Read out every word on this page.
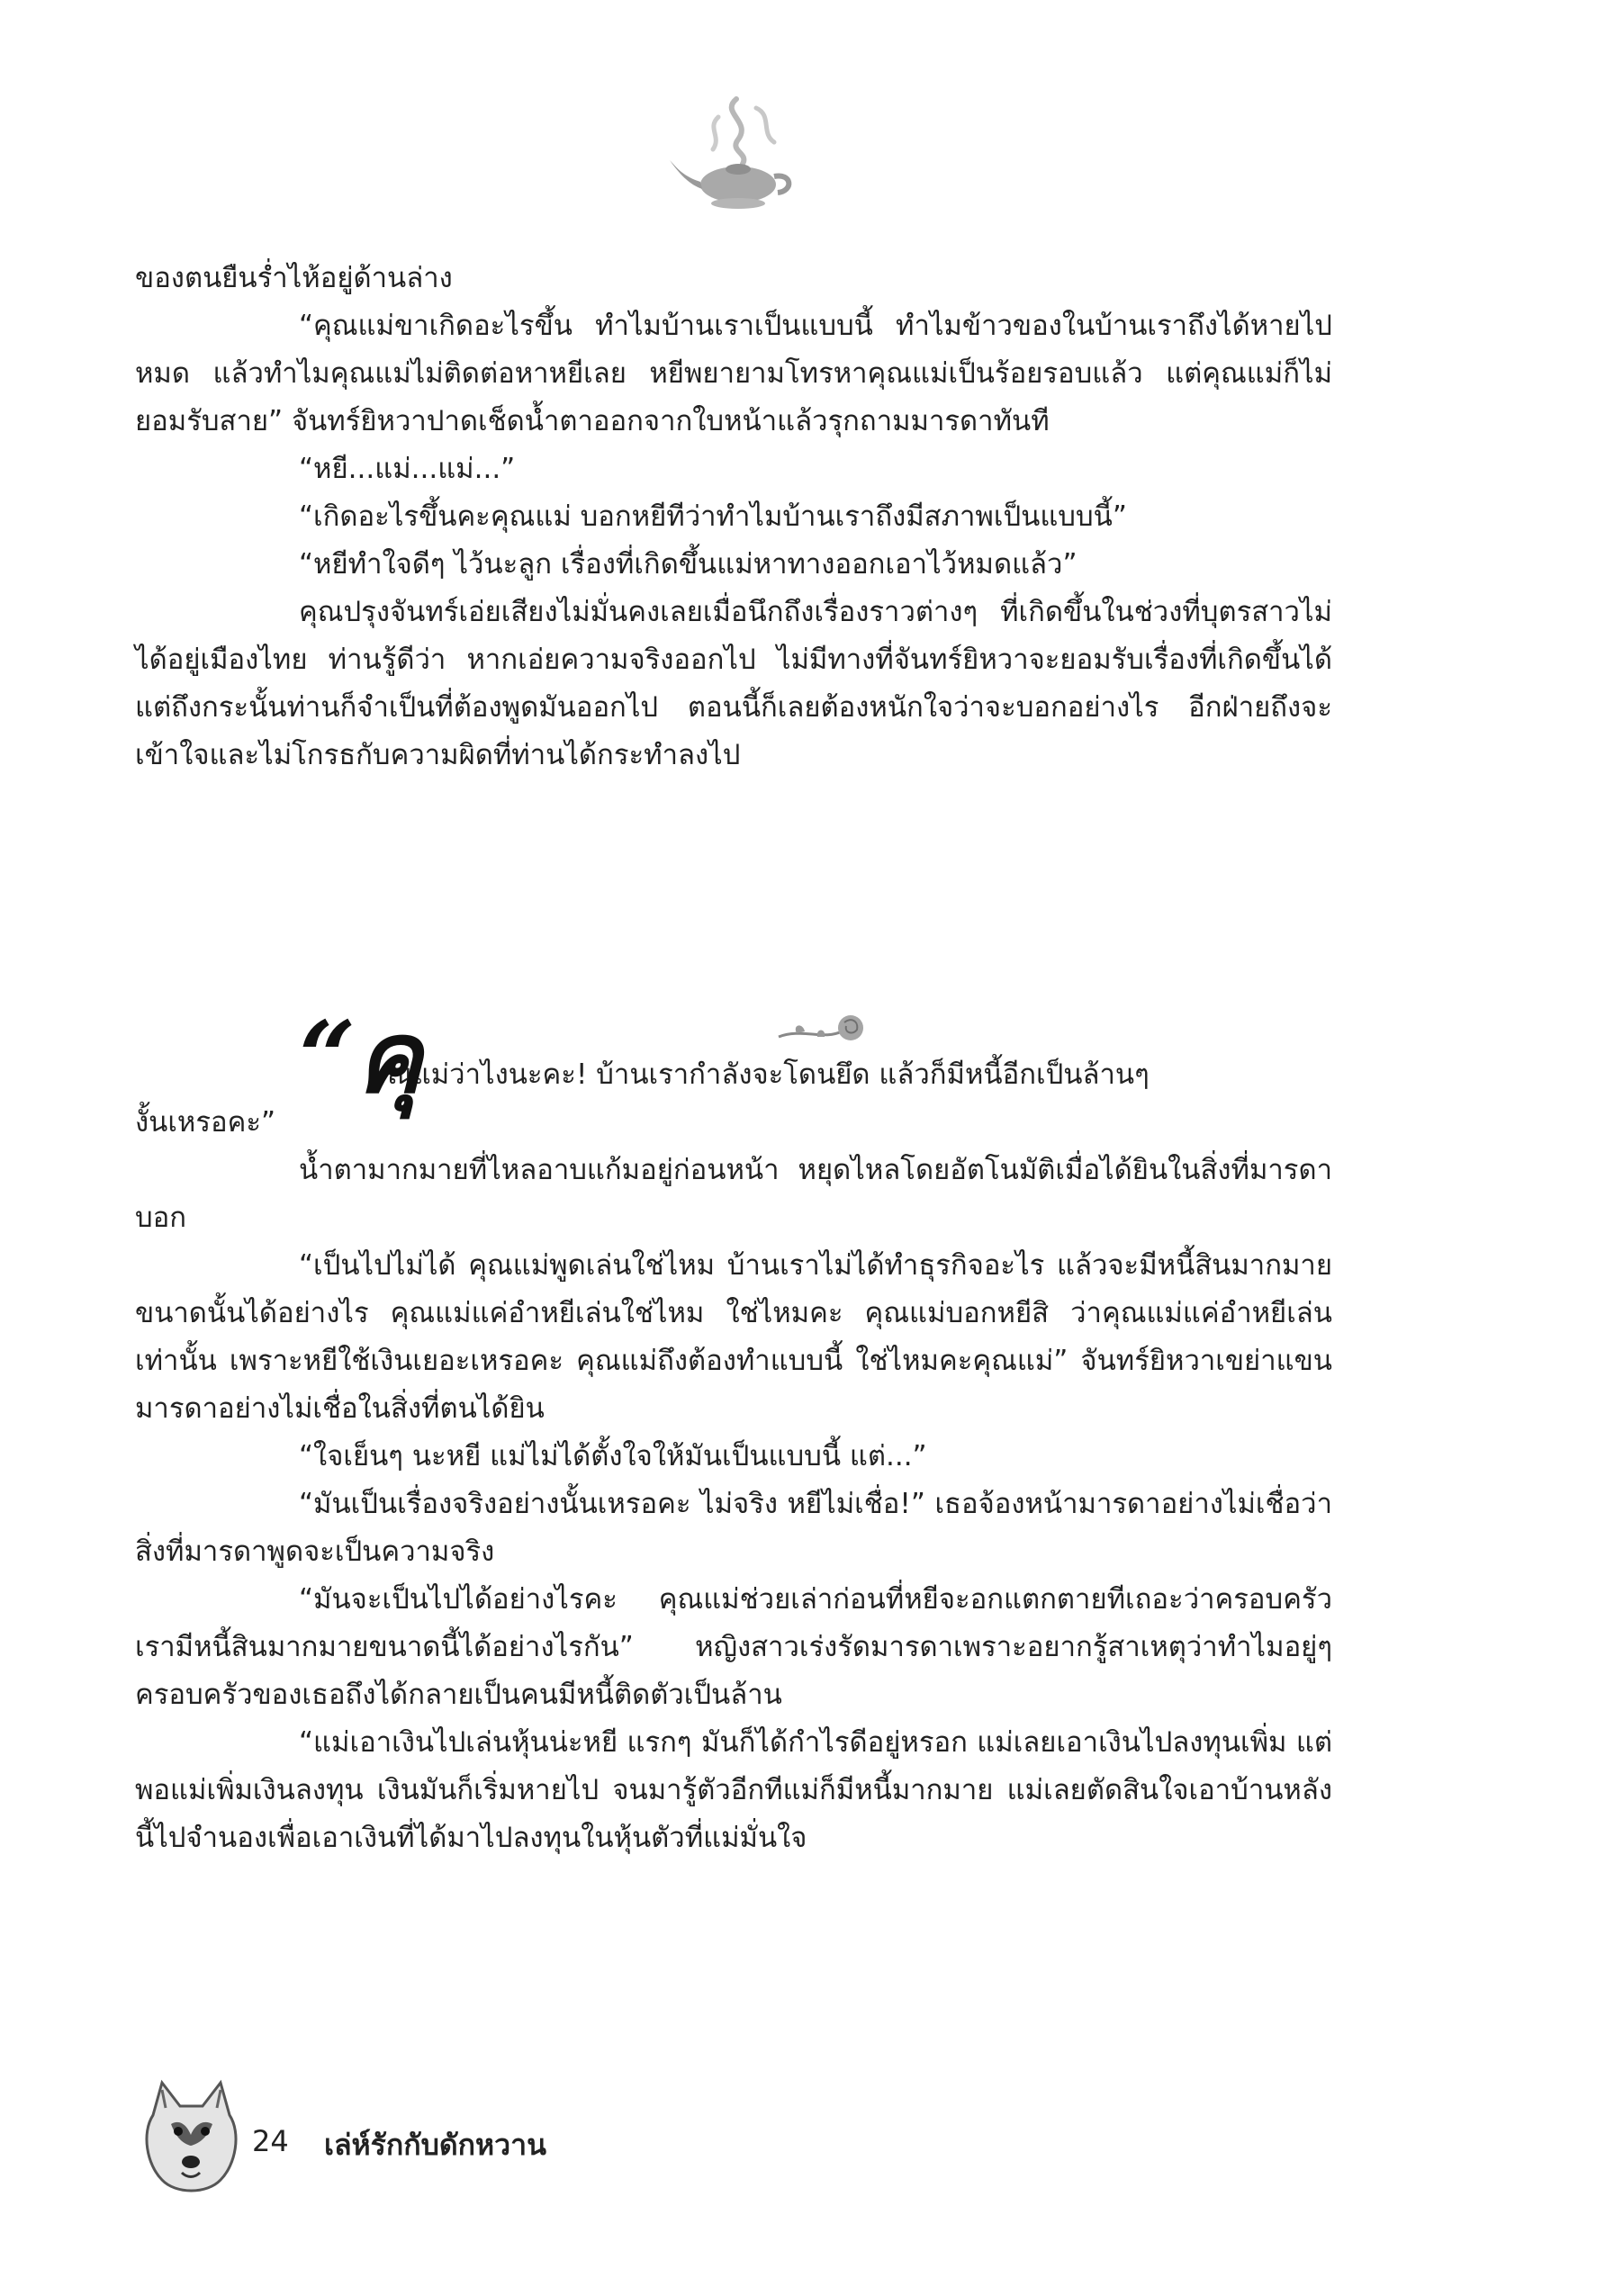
ของตนยืนร่ำไห้อยู่ด้านล่าง

“คุณแม่ขาเกิดอะไรขึ้น ทำไมบ้านเราเป็นแบบนี้ ทำไมข้าวของในบ้านเราถึงได้หายไปหมด แล้วทำไมคุณแม่ไม่ติดต่อหาหยีเลย หยีพยายามโทรหาคุณแม่เป็นร้อยรอบแล้ว แต่คุณแม่ก็ไม่ยอมรับสาย” จันทร์ยิหวาปาดเช็ดน้ำตาออกจากใบหน้าแล้วรุกถามมารดาทันที

“หยี...แม่...แม่...”

“เกิดอะไรขึ้นคะคุณแม่ บอกหยีทีว่าทำไมบ้านเราถึงมีสภาพเป็นแบบนี้”

“หยีทำใจดีๆ ไว้นะลูก เรื่องที่เกิดขึ้นแม่หาทางออกเอาไว้หมดแล้ว”

คุณปรุงจันทร์เอ่ยเสียงไม่มั่นคงเลยเมื่อนึกถึงเรื่องราวต่างๆ ที่เกิดขึ้นในช่วงที่บุตรสาวไม่ได้อยู่เมืองไทย ท่านรู้ดีว่า หากเอ่ยความจริงออกไป ไม่มีทางที่จันทร์ยิหวาจะยอมรับเรื่องที่เกิดขึ้นได้ แต่ถึงกระนั้นท่านก็จำเป็นที่ต้องพูดมันออกไป ตอนนี้ก็เลยต้องหนักใจว่าจะบอกอย่างไร อีกฝ่ายถึงจะเข้าใจและไม่โกรธกับความผิดที่ท่านได้กระทำลงไป

“คุ
ณแม่ว่าไงนะคะ! บ้านเรากำลังจะโดนยึด แล้วก็มีหนี้อีกเป็นล้านๆ
งั้นเหรอคะ”

น้ำตามากมายที่ไหลอาบแก้มอยู่ก่อนหน้า หยุดไหลโดยอัตโนมัติเมื่อได้ยินในสิ่งที่มารดาบอก

“เป็นไปไม่ได้ คุณแม่พูดเล่นใช่ไหม บ้านเราไม่ได้ทำธุรกิจอะไร แล้วจะมีหนี้สินมากมายขนาดนั้นได้อย่างไร คุณแม่แค่อำหยีเล่นใช่ไหม ใช่ไหมคะ คุณแม่บอกหยีสิ ว่าคุณแม่แค่อำหยีเล่นเท่านั้น เพราะหยีใช้เงินเยอะเหรอคะ คุณแม่ถึงต้องทำแบบนี้ ใช่ไหมคะคุณแม่” จันทร์ยิหวาเขย่าแขนมารดาอย่างไม่เชื่อในสิ่งที่ตนได้ยิน

“ใจเย็นๆ นะหยี แม่ไม่ได้ตั้งใจให้มันเป็นแบบนี้ แต่...”

“มันเป็นเรื่องจริงอย่างนั้นเหรอคะ ไม่จริง หยีไม่เชื่อ!” เธอจ้องหน้ามารดาอย่างไม่เชื่อว่าสิ่งที่มารดาพูดจะเป็นความจริง

“มันจะเป็นไปได้อย่างไรคะ คุณแม่ช่วยเล่าก่อนที่หยีจะอกแตกตายทีเถอะว่าครอบครัวเรามีหนี้สินมากมายขนาดนี้ได้อย่างไรกัน” หญิงสาวเร่งรัดมารดาเพราะอยากรู้สาเหตุว่าทำไมอยู่ๆ ครอบครัวของเธอถึงได้กลายเป็นคนมีหนี้ติดตัวเป็นล้าน

“แม่เอาเงินไปเล่นหุ้นน่ะหยี แรกๆ มันก็ได้กำไรดีอยู่หรอก แม่เลยเอาเงินไปลงทุนเพิ่ม แต่พอแม่เพิ่มเงินลงทุน เงินมันก็เริ่มหายไป จนมารู้ตัวอีกทีแม่ก็มีหนี้มากมาย แม่เลยตัดสินใจเอาบ้านหลังนี้ไปจำนองเพื่อเอาเงินที่ได้มาไปลงทุนในหุ้นตัวที่แม่มั่นใจ

24 เล่ห์รักกับดักหวาน
